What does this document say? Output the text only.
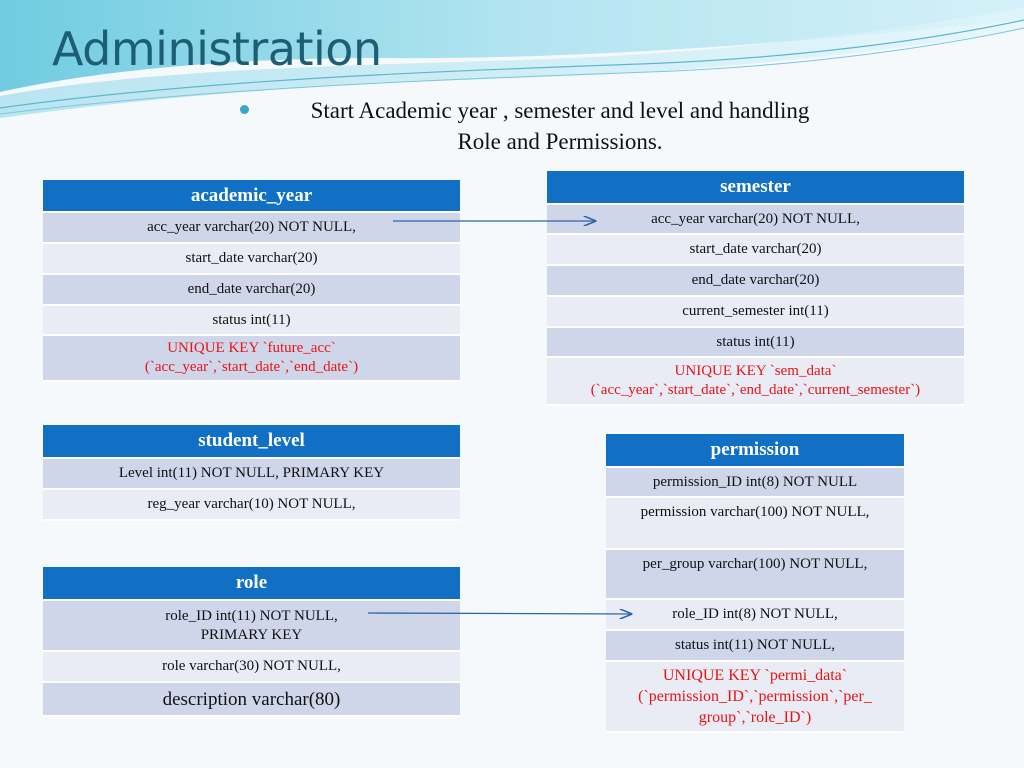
Administration
Start Academic year , semester and level and handling
Role and Permissions.
academic_year
acc_year varchar(20) NOT NULL,
start_date varchar(20)
end_date varchar(20)
status int(11)
UNIQUE KEY `future_acc`
(`acc_year`,`start_date`,`end_date`)
semester
acc_year varchar(20) NOT NULL,
start_date varchar(20)
end_date varchar(20)
current_semester int(11)
status int(11)
UNIQUE KEY `sem_data`
(`acc_year`,`start_date`,`end_date`,`current_semester`)
student_level
Level int(11) NOT NULL, PRIMARY KEY
reg_year varchar(10) NOT NULL,
role
role_ID int(11) NOT NULL,
PRIMARY KEY
role varchar(30) NOT NULL,
description varchar(80)
permission
permission_ID int(8) NOT NULL
permission varchar(100) NOT NULL,
per_group varchar(100) NOT NULL,
role_ID int(8) NOT NULL,
status int(11) NOT NULL,
UNIQUE KEY `permi_data`
(`permission_ID`,`permission`,`per_
group`,`role_ID`)
